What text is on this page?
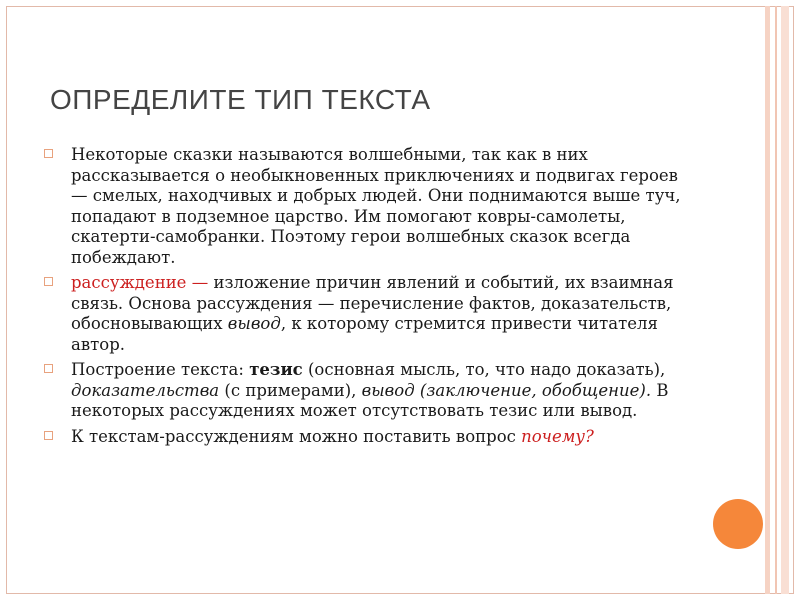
ОПРЕДЕЛИТЕ ТИП ТЕКСТА
Некоторые сказки называются волшебными, так как в них рассказывается о необыкновенных приключениях и подвигах героев — смелых, находчивых и добрых людей. Они поднимаются выше туч, попадают в подземное царство. Им помогают ковры-самолеты, скатерти-самобранки. Поэтому герои волшебных сказок всегда побеждают.
рассуждение — изложение причин явлений и событий, их взаимная связь. Основа рассуждения — перечисление фактов, доказательств, обосновывающих вывод, к которому стремится привести читателя автор.
Построение текста: тезис (основная мысль, то, что надо доказать), доказательства (с примерами), вывод (заключение, обобщение). В некоторых рассуждениях может отсутствовать тезис или вывод.
К текстам-рассуждениям можно поставить вопрос почему?
